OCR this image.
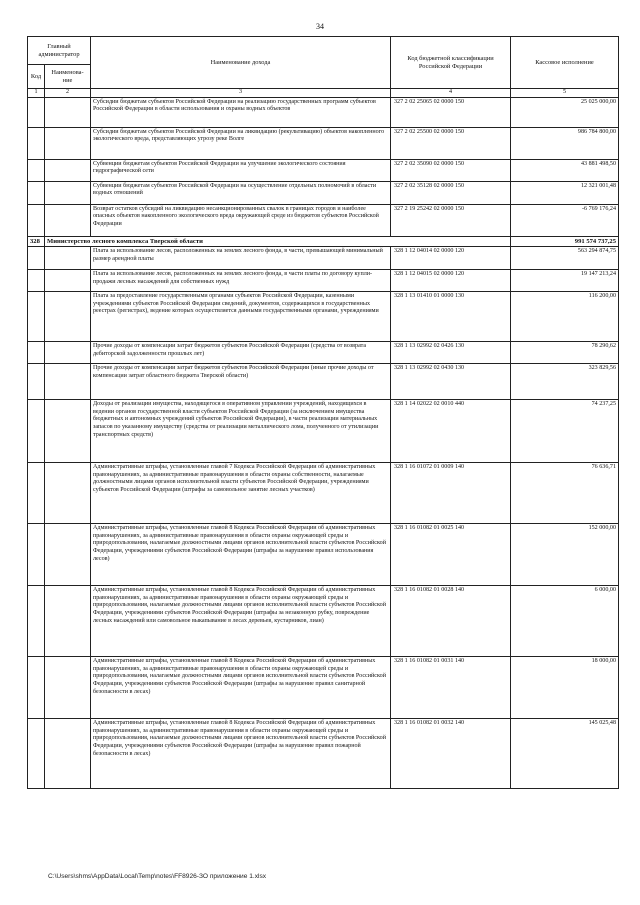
34
Главный администратор		Наименование дохода	Код бюджетной классификации Российской Федерации	Кассовое исполнение
Код	Наименова-ние			
1	2	3	4	5
		Субсидии бюджетам субъектов Российской Федерации на реализацию государственных программ субъектов Российской Федерации в области использования и охраны водных объектов	327 2 02 25065 02 0000 150	25 025 000,00
		Субсидии бюджетам субъектов Российской Федерации на ликвидацию (рекультивацию) объектов накопленного экологического вреда, представляющих угрозу реке Волге	327 2 02 25500 02 0000 150	986 784 800,00
		Субвенции бюджетам субъектов Российской Федерации на улучшение экологического состояния гидрографической сети	327 2 02 35090 02 0000 150	43 881 498,50
		Субвенции бюджетам субъектов Российской Федерации на осуществление отдельных полномочий в области водных отношений	327 2 02 35128 02 0000 150	12 321 001,48
		Возврат остатков субсидий на ликвидацию несанкционированных свалок в границах городов и наиболее опасных объектов накопленного экологического вреда окружающей среде из бюджетов субъектов Российской Федерации	327 2 19 25242 02 0000 150	-6 769 176,24
328	Министерство лесного комплекса Тверской области			991 574 737,25
		Плата за использование лесов, расположенных на землях лесного фонда, в части, превышающей минимальный размер арендной платы	328 1 12 04014 02 0000 120	563 294 874,75
		Плата за использование лесов, расположенных на землях лесного фонда, в части платы по договору купли-продажи лесных насаждений для собственных нужд	328 1 12 04015 02 0000 120	19 147 213,24
		Плата за предоставление государственными органами субъектов Российской Федерации, казенными учреждениями субъектов Российской Федерации сведений, документов, содержащихся в государственных реестрах (регистрах), ведение которых осуществляется данными государственными органами, учреждениями	328 1 13 01410 01 0000 130	116 200,00
		Прочие доходы от компенсации затрат бюджетов субъектов Российской Федерации (средства от возврата дебиторской задолженности прошлых лет)	328 1 13 02992 02 0426 130	78 290,62
		Прочие доходы от компенсации затрат бюджетов субъектов Российской Федерации (иные прочие доходы от компенсации затрат областного бюджета Тверской области)	328 1 13 02992 02 0430 130	323 829,56
		Доходы от реализации имущества, находящегося в оперативном управлении учреждений, находящихся в ведении органов государственной власти субъектов Российской Федерации (за исключением имущества бюджетных и автономных учреждений субъектов Российской Федерации), в части реализации материальных запасов по указанному имуществу (средства от реализации металлического лома, полученного от утилизации транспортных средств)	328 1 14 02022 02 0010 440	74 237,25
		Административные штрафы, установленные главой 7 Кодекса Российской Федерации об административных правонарушениях, за административные правонарушения в области охраны собственности, налагаемые должностными лицами органов исполнительной власти субъектов Российской Федерации, учреждениями субъектов Российской Федерации (штрафы за самовольное занятие лесных участков)	328 1 16 01072 01 0009 140	76 636,71
		Административные штрафы, установленные главой 8 Кодекса Российской Федерации об административных правонарушениях, за административные правонарушения в области охраны окружающей среды и природопользования, налагаемые должностными лицами органов исполнительной власти субъектов Российской Федерации, учреждениями субъектов Российской Федерации (штрафы за нарушение правил использования лесов)	328 1 16 01082 01 0025 140	152 000,00
		Административные штрафы, установленные главой 8 Кодекса Российской Федерации об административных правонарушениях, за административные правонарушения в области охраны окружающей среды и природопользования, налагаемые должностными лицами органов исполнительной власти субъектов Российской Федерации, учреждениями субъектов Российской Федерации (штрафы за незаконную рубку, повреждение лесных насаждений или самовольное выкапывание в лесах деревьев, кустарников, лиан)	328 1 16 01082 01 0028 140	6 000,00
		Административные штрафы, установленные главой 8 Кодекса Российской Федерации об административных правонарушениях, за административные правонарушения в области охраны окружающей среды и природопользования, налагаемые должностными лицами органов исполнительной власти субъектов Российской Федерации, учреждениями субъектов Российской Федерации (штрафы за нарушение правил санитарной безопасности в лесах)	328 1 16 01082 01 0031 140	18 000,00
		Административные штрафы, установленные главой 8 Кодекса Российской Федерации об административных правонарушениях, за административные правонарушения в области охраны окружающей среды и природопользования, налагаемые должностными лицами органов исполнительной власти субъектов Российской Федерации, учреждениями субъектов Российской Федерации (штрафы за нарушение правил пожарной безопасности в лесах)	328 1 16 01082 01 0032 140	145 025,48
C:\Users\shms\AppData\Local\Temp\notes\FF8926-ЗО приложение 1.xlsx
